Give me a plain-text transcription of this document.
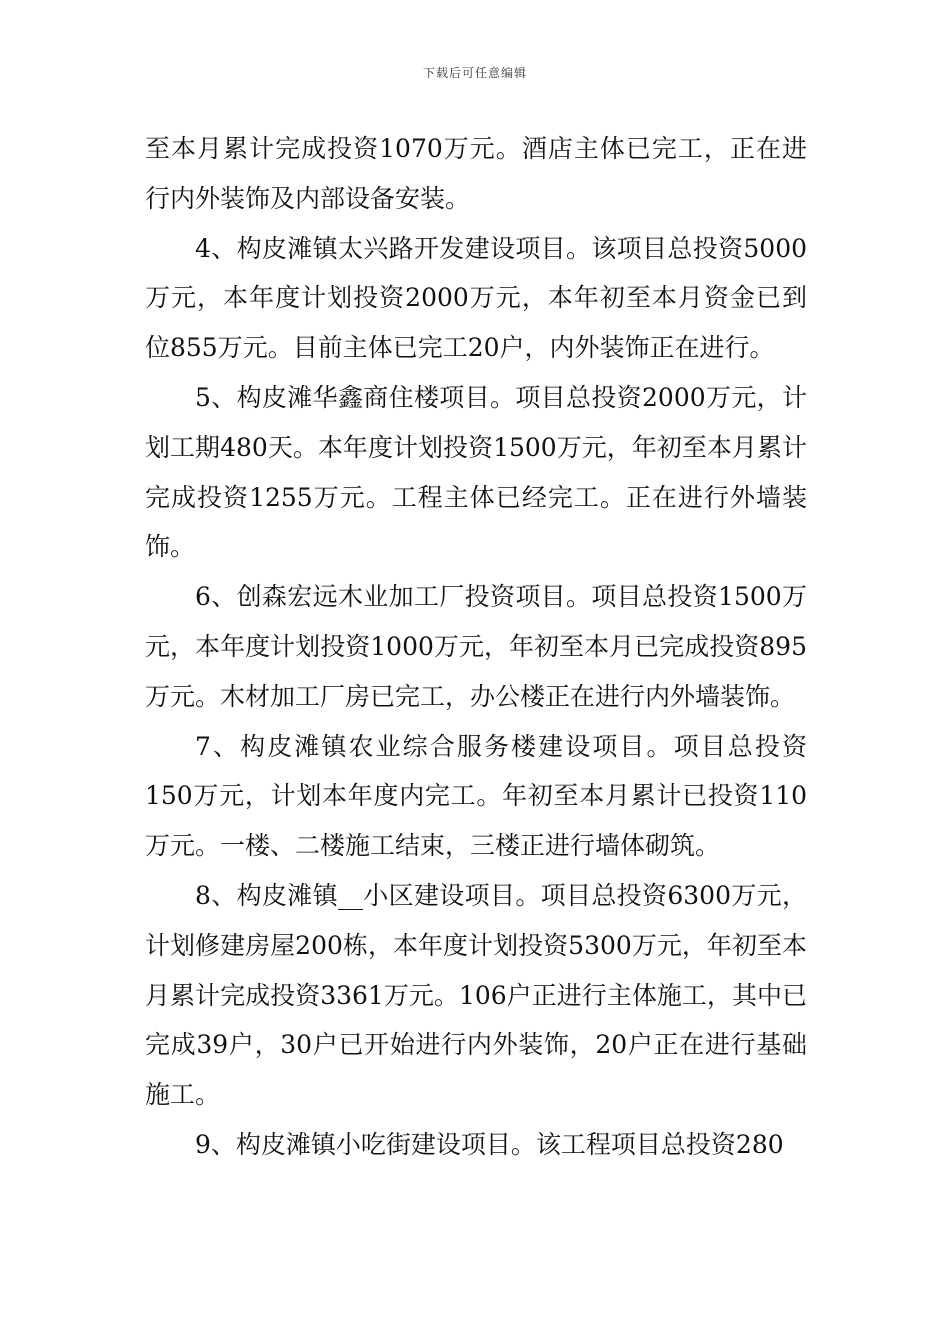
下载后可任意编辑

至本月累计完成投资1070万元。酒店主体已完工，正在进行内外装饰及内部设备安装。

4、构皮滩镇太兴路开发建设项目。该项目总投资5000万元，本年度计划投资2000万元，本年初至本月资金已到位855万元。目前主体已完工20户，内外装饰正在进行。

5、构皮滩华鑫商住楼项目。项目总投资2000万元，计划工期480天。本年度计划投资1500万元，年初至本月累计完成投资1255万元。工程主体已经完工。正在进行外墙装饰。

6、创森宏远木业加工厂投资项目。项目总投资1500万元，本年度计划投资1000万元，年初至本月已完成投资895万元。木材加工厂房已完工，办公楼正在进行内外墙装饰。

7、构皮滩镇农业综合服务楼建设项目。项目总投资150万元，计划本年度内完工。年初至本月累计已投资110万元。一楼、二楼施工结束，三楼正进行墙体砌筑。

8、构皮滩镇__小区建设项目。项目总投资6300万元，计划修建房屋200栋，本年度计划投资5300万元，年初至本月累计完成投资3361万元。106户正进行主体施工，其中已完成39户，30户已开始进行内外装饰，20户正在进行基础施工。

9、构皮滩镇小吃街建设项目。该工程项目总投资280
